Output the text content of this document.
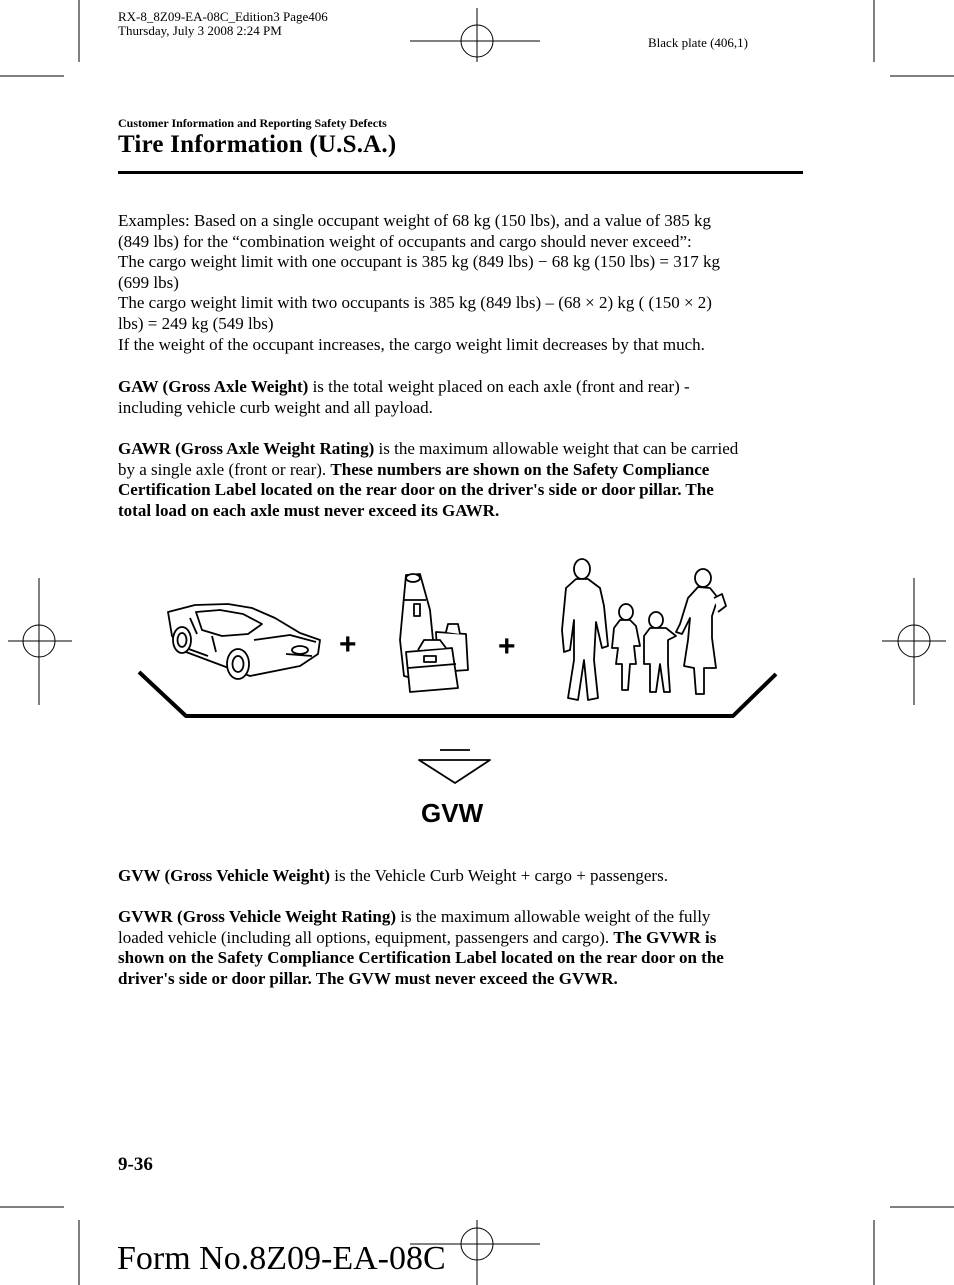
RX-8_8Z09-EA-08C_Edition3 Page406
Thursday, July 3 2008 2:24 PM
Black plate (406,1)
Customer Information and Reporting Safety Defects
Tire Information (U.S.A.)

Examples: Based on a single occupant weight of 68 kg (150 lbs), and a value of 385 kg

(849 lbs) for the “combination weight of occupants and cargo should never exceed”:

The cargo weight limit with one occupant is 385 kg (849 lbs) − 68 kg (150 lbs) = 317 kg

(699 lbs)

The cargo weight limit with two occupants is 385 kg (849 lbs) – (68 × 2) kg ( (150 × 2)

lbs) = 249 kg (549 lbs)

If the weight of the occupant increases, the cargo weight limit decreases by that much.

GAW (Gross Axle Weight) is the total weight placed on each axle (front and rear) -

including vehicle curb weight and all payload.

GAWR (Gross Axle Weight Rating) is the maximum allowable weight that can be carried

by a single axle (front or rear). These numbers are shown on the Safety Compliance

Certification Label located on the rear door on the driver's side or door pillar. The

total load on each axle must never exceed its GAWR.

+	+
GVW

GVW (Gross Vehicle Weight) is the Vehicle Curb Weight + cargo + passengers.

GVWR (Gross Vehicle Weight Rating) is the maximum allowable weight of the fully

loaded vehicle (including all options, equipment, passengers and cargo). The GVWR is

shown on the Safety Compliance Certification Label located on the rear door on the

driver's side or door pillar. The GVW must never exceed the GVWR.

9-36
Form No.8Z09-EA-08C
